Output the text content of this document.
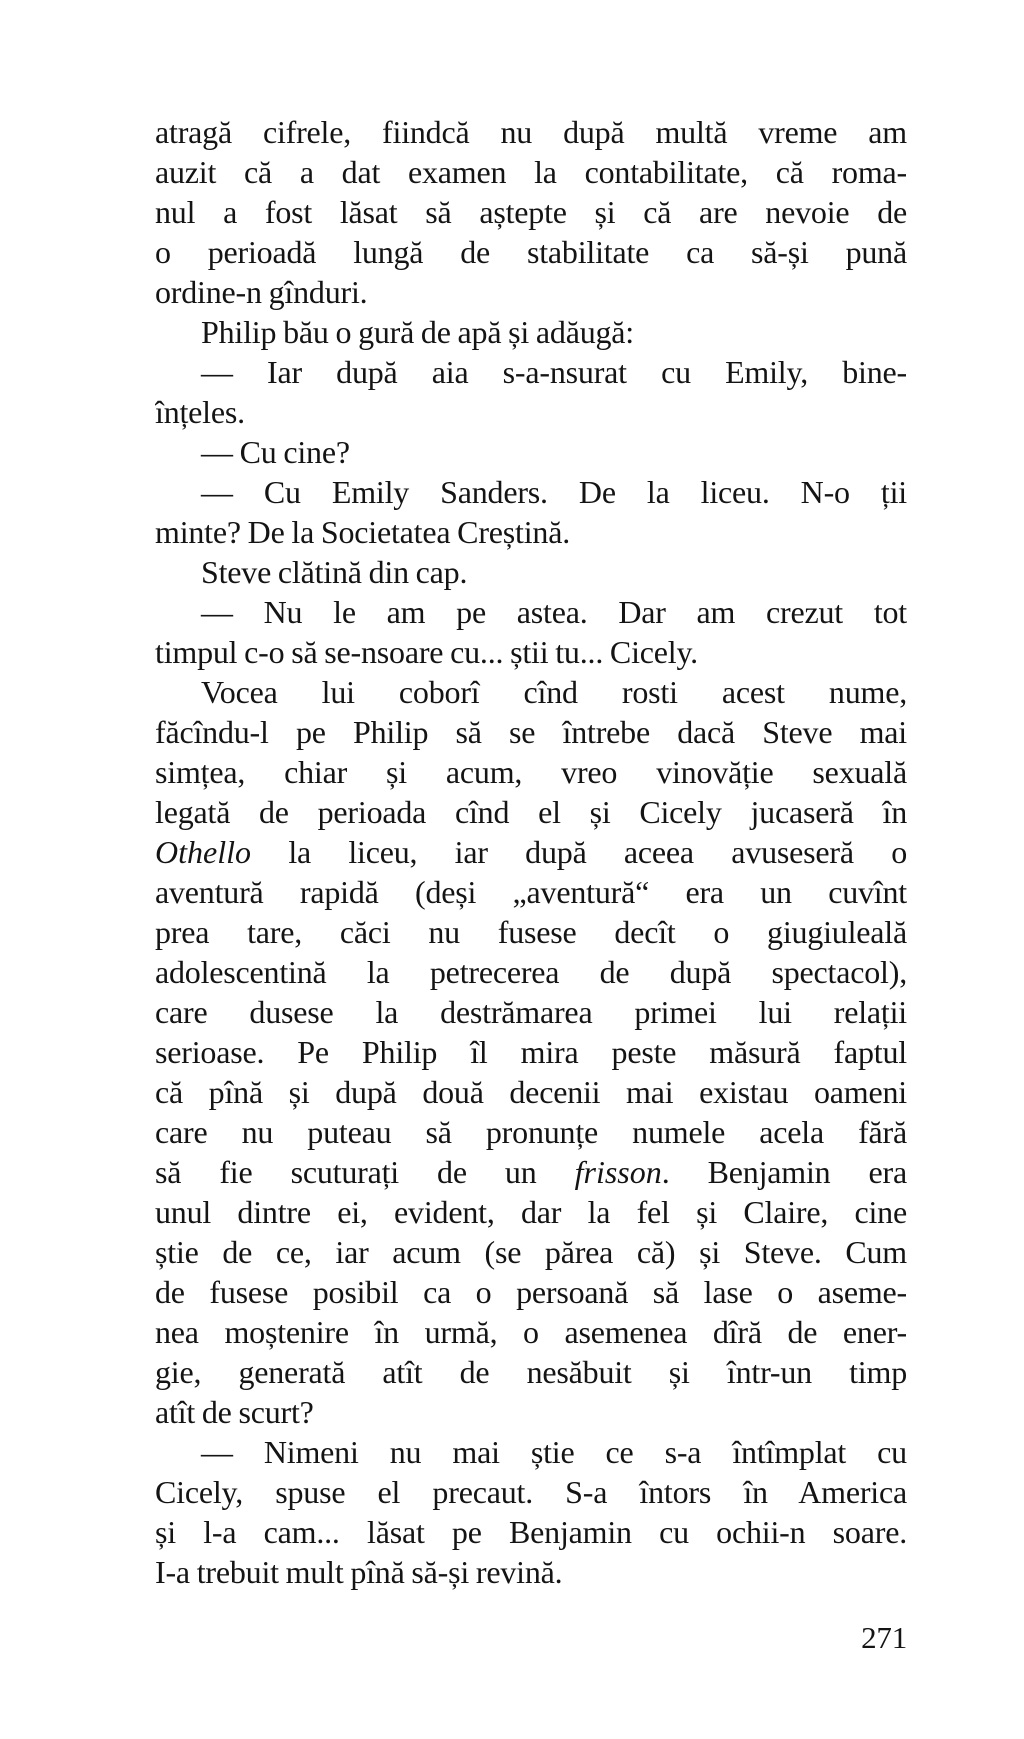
atragă cifrele, fiindcă nu după multă vreme am
auzit că a dat examen la contabilitate, că roma-
nul a fost lăsat să aștepte și că are nevoie de
o perioadă lungă de stabilitate ca să-și pună
ordine-n gînduri.
Philip bău o gură de apă și adăugă:
— Iar după aia s-a-nsurat cu Emily, bine-
înțeles.
— Cu cine?
— Cu Emily Sanders. De la liceu. N-o ții
minte? De la Societatea Creștină.
Steve clătină din cap.
— Nu le am pe astea. Dar am crezut tot
timpul c-o să se-nsoare cu... știi tu... Cicely.
Vocea lui coborî cînd rosti acest nume,
făcîndu-l pe Philip să se întrebe dacă Steve mai
simțea, chiar și acum, vreo vinovăție sexuală
legată de perioada cînd el și Cicely jucaseră în
Othello la liceu, iar după aceea avuseseră o
aventură rapidă (deși „aventură“ era un cuvînt
prea tare, căci nu fusese decît o giugiuleală
adolescentină la petrecerea de după spectacol),
care dusese la destrămarea primei lui relații
serioase. Pe Philip îl mira peste măsură faptul
că pînă și după două decenii mai existau oameni
care nu puteau să pronunțe numele acela fără
să fie scuturați de un frisson. Benjamin era
unul dintre ei, evident, dar la fel și Claire, cine
știe de ce, iar acum (se părea că) și Steve. Cum
de fusese posibil ca o persoană să lase o aseme-
nea moștenire în urmă, o asemenea dîră de ener-
gie, generată atît de nesăbuit și într-un timp
atît de scurt?
— Nimeni nu mai știe ce s-a întîmplat cu
Cicely, spuse el precaut. S-a întors în America
și l-a cam... lăsat pe Benjamin cu ochii-n soare.
I-a trebuit mult pînă să-și revină.
271
